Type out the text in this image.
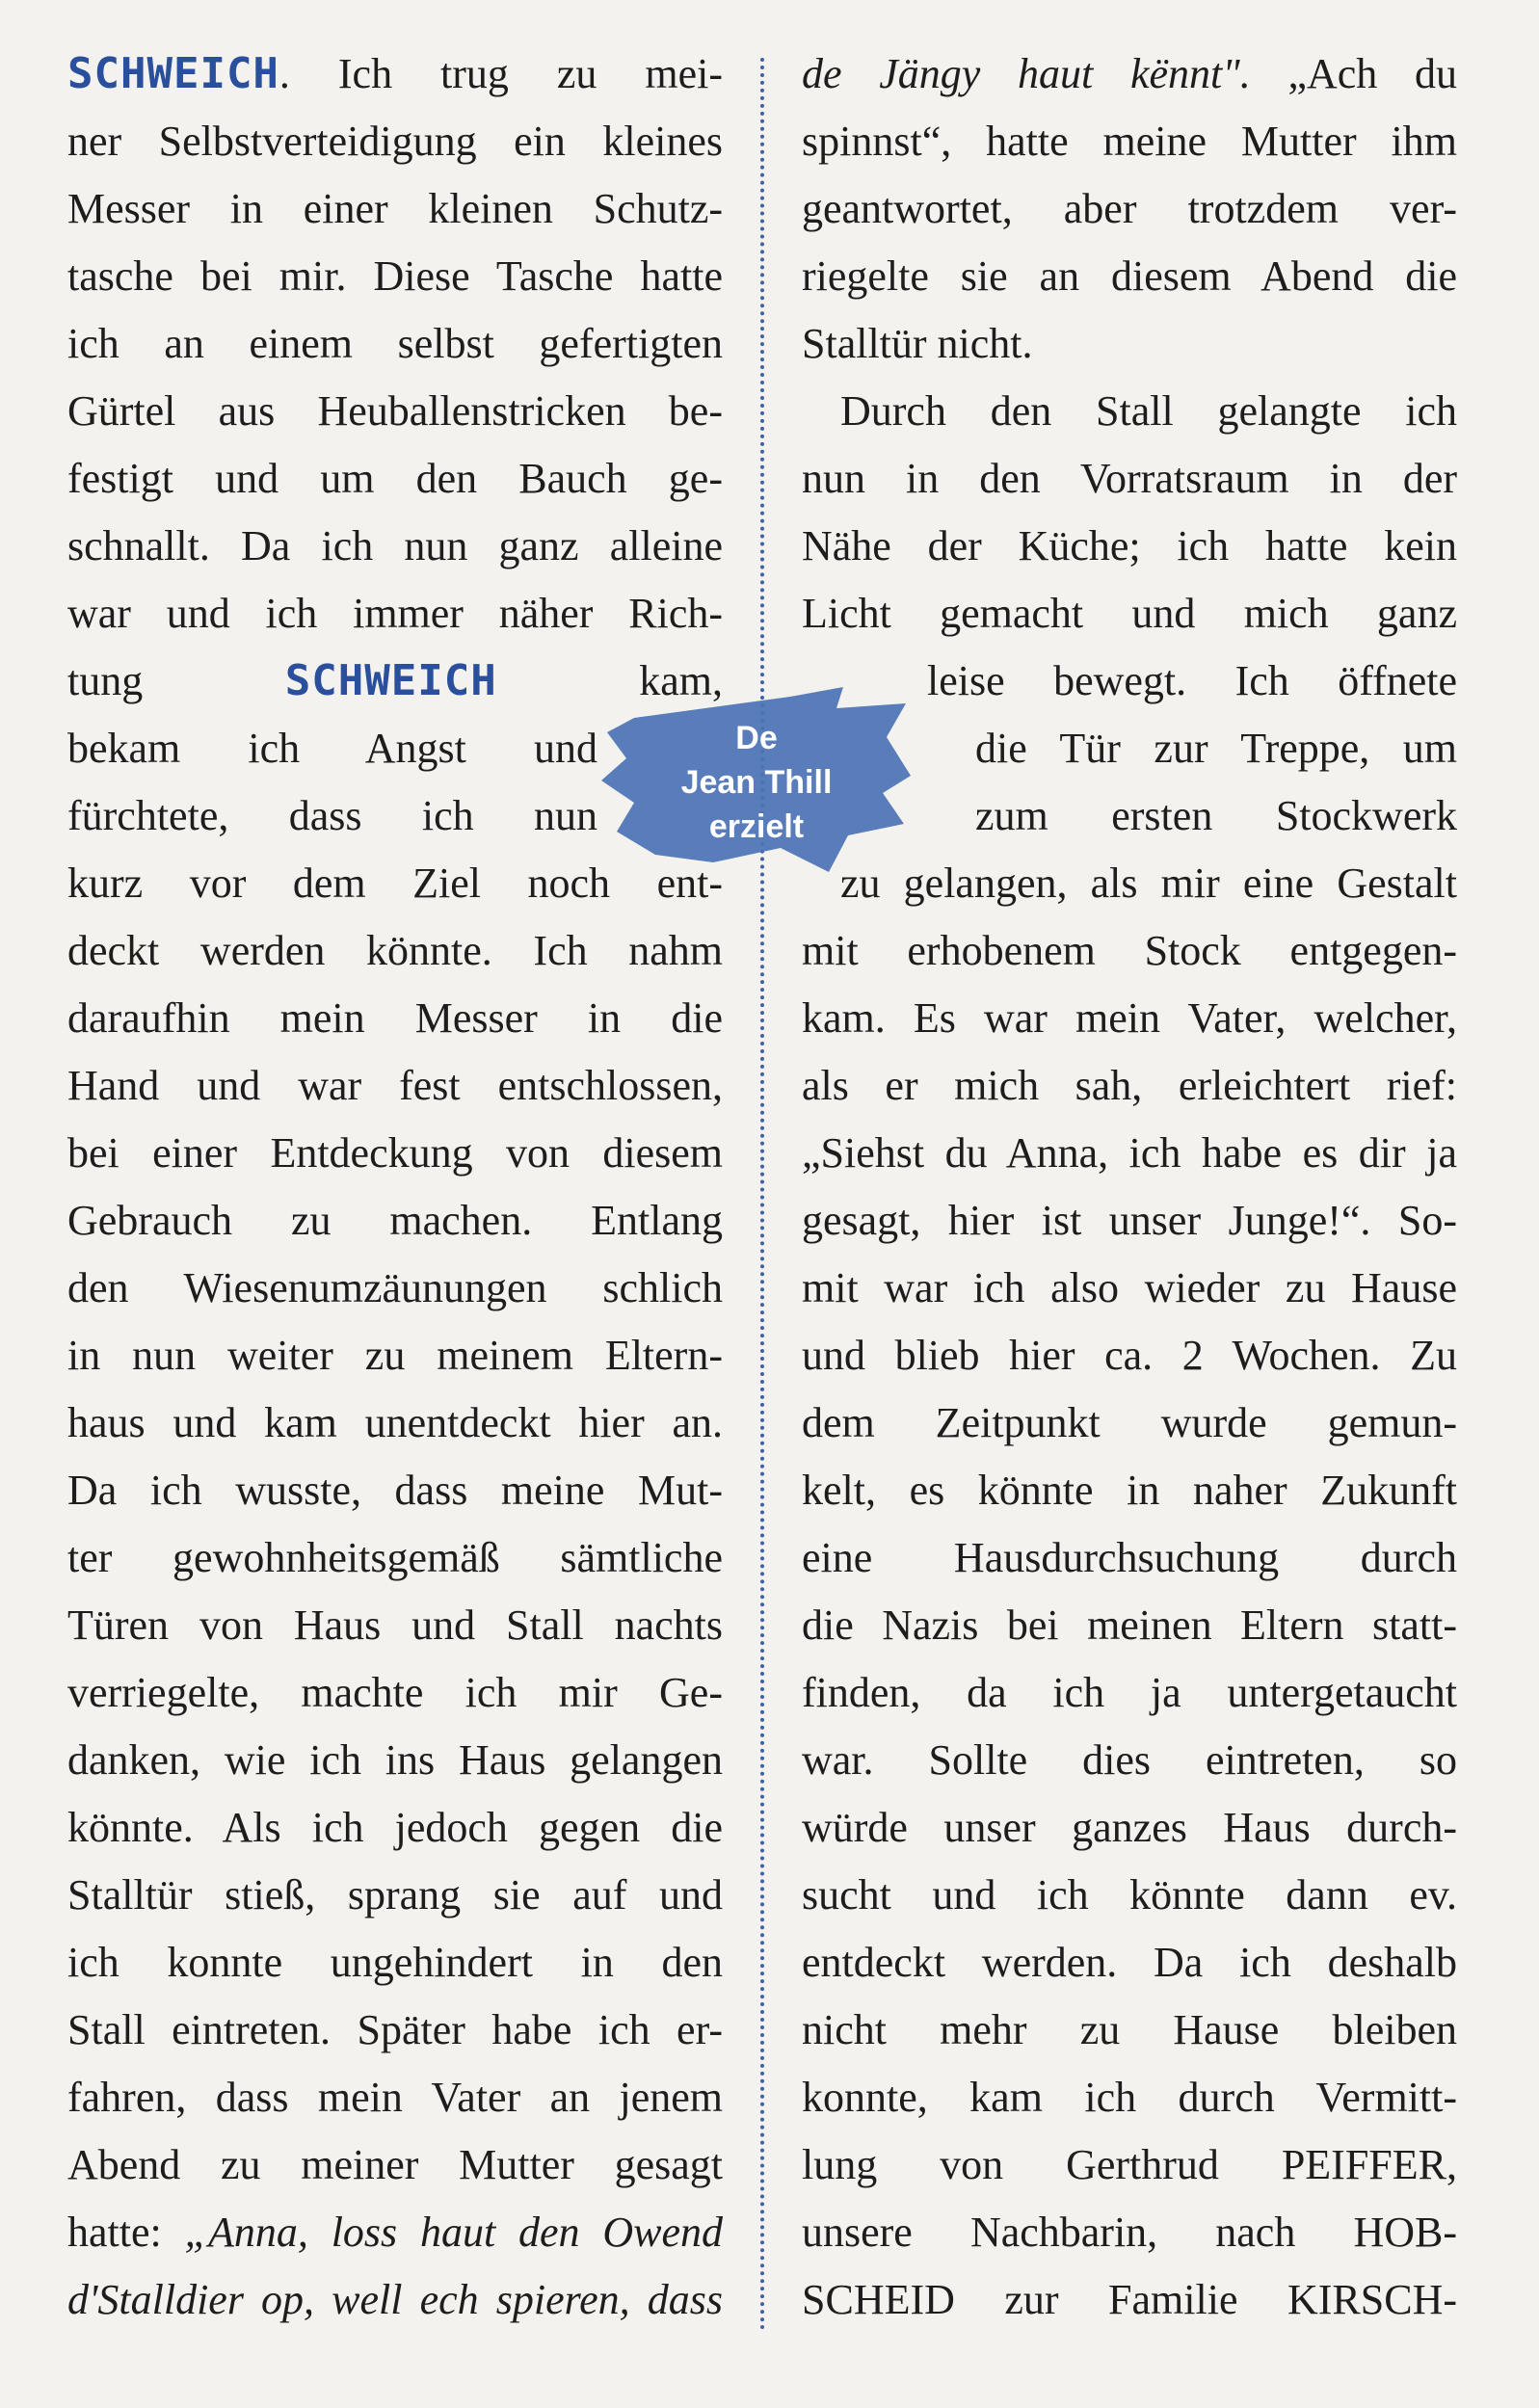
SCHWEICH. Ich trug zu mei-
ner Selbstverteidigung ein kleines
Messer in einer kleinen Schutz-
tasche bei mir. Diese Tasche hatte
ich an einem selbst gefertigten
Gürtel aus Heuballenstricken be-
festigt und um den Bauch ge-
schnallt. Da ich nun ganz alleine
war und ich immer näher Rich-
tung SCHWEICH kam,
bekam ich Angst und
fürchtete, dass ich nun
kurz vor dem Ziel noch ent-
deckt werden könnte. Ich nahm
daraufhin mein Messer in die
Hand und war fest entschlossen,
bei einer Entdeckung von diesem
Gebrauch zu machen. Entlang
den Wiesenumzäunungen schlich
in nun weiter zu meinem Eltern-
haus und kam unentdeckt hier an.
Da ich wusste, dass meine Mut-
ter gewohnheitsgemäß sämtliche
Türen von Haus und Stall nachts
verriegelte, machte ich mir Ge-
danken, wie ich ins Haus gelangen
könnte. Als ich jedoch gegen die
Stalltür stieß, sprang sie auf und
ich konnte ungehindert in den
Stall eintreten. Später habe ich er-
fahren, dass mein Vater an jenem
Abend zu meiner Mutter gesagt
hatte: „Anna, loss haut den Owend
d'Stalldier op, well ech spieren, dass
de Jängy haut kënnt". „Ach du
spinnst“, hatte meine Mutter ihm
geantwortet, aber trotzdem ver-
riegelte sie an diesem Abend die
Stalltür nicht.
Durch den Stall gelangte ich
nun in den Vorratsraum in der
Nähe der Küche; ich hatte kein
Licht gemacht und mich ganz
leise bewegt. Ich öffnete
die Tür zur Treppe, um
zum ersten Stockwerk
zu gelangen, als mir eine Gestalt
mit erhobenem Stock entgegen-
kam. Es war mein Vater, welcher,
als er mich sah, erleichtert rief:
„Siehst du Anna, ich habe es dir ja
gesagt, hier ist unser Junge!“. So-
mit war ich also wieder zu Hause
und blieb hier ca. 2 Wochen. Zu
dem Zeitpunkt wurde gemun-
kelt, es könnte in naher Zukunft
eine Hausdurchsuchung durch
die Nazis bei meinen Eltern statt-
finden, da ich ja untergetaucht
war. Sollte dies eintreten, so
würde unser ganzes Haus durch-
sucht und ich könnte dann ev.
entdeckt werden. Da ich deshalb
nicht mehr zu Hause bleiben
konnte, kam ich durch Vermitt-
lung von Gerthrud PEIFFER,
unsere Nachbarin, nach HOB-
SCHEID zur Familie KIRSCH-
De
Jean Thill
erzielt
